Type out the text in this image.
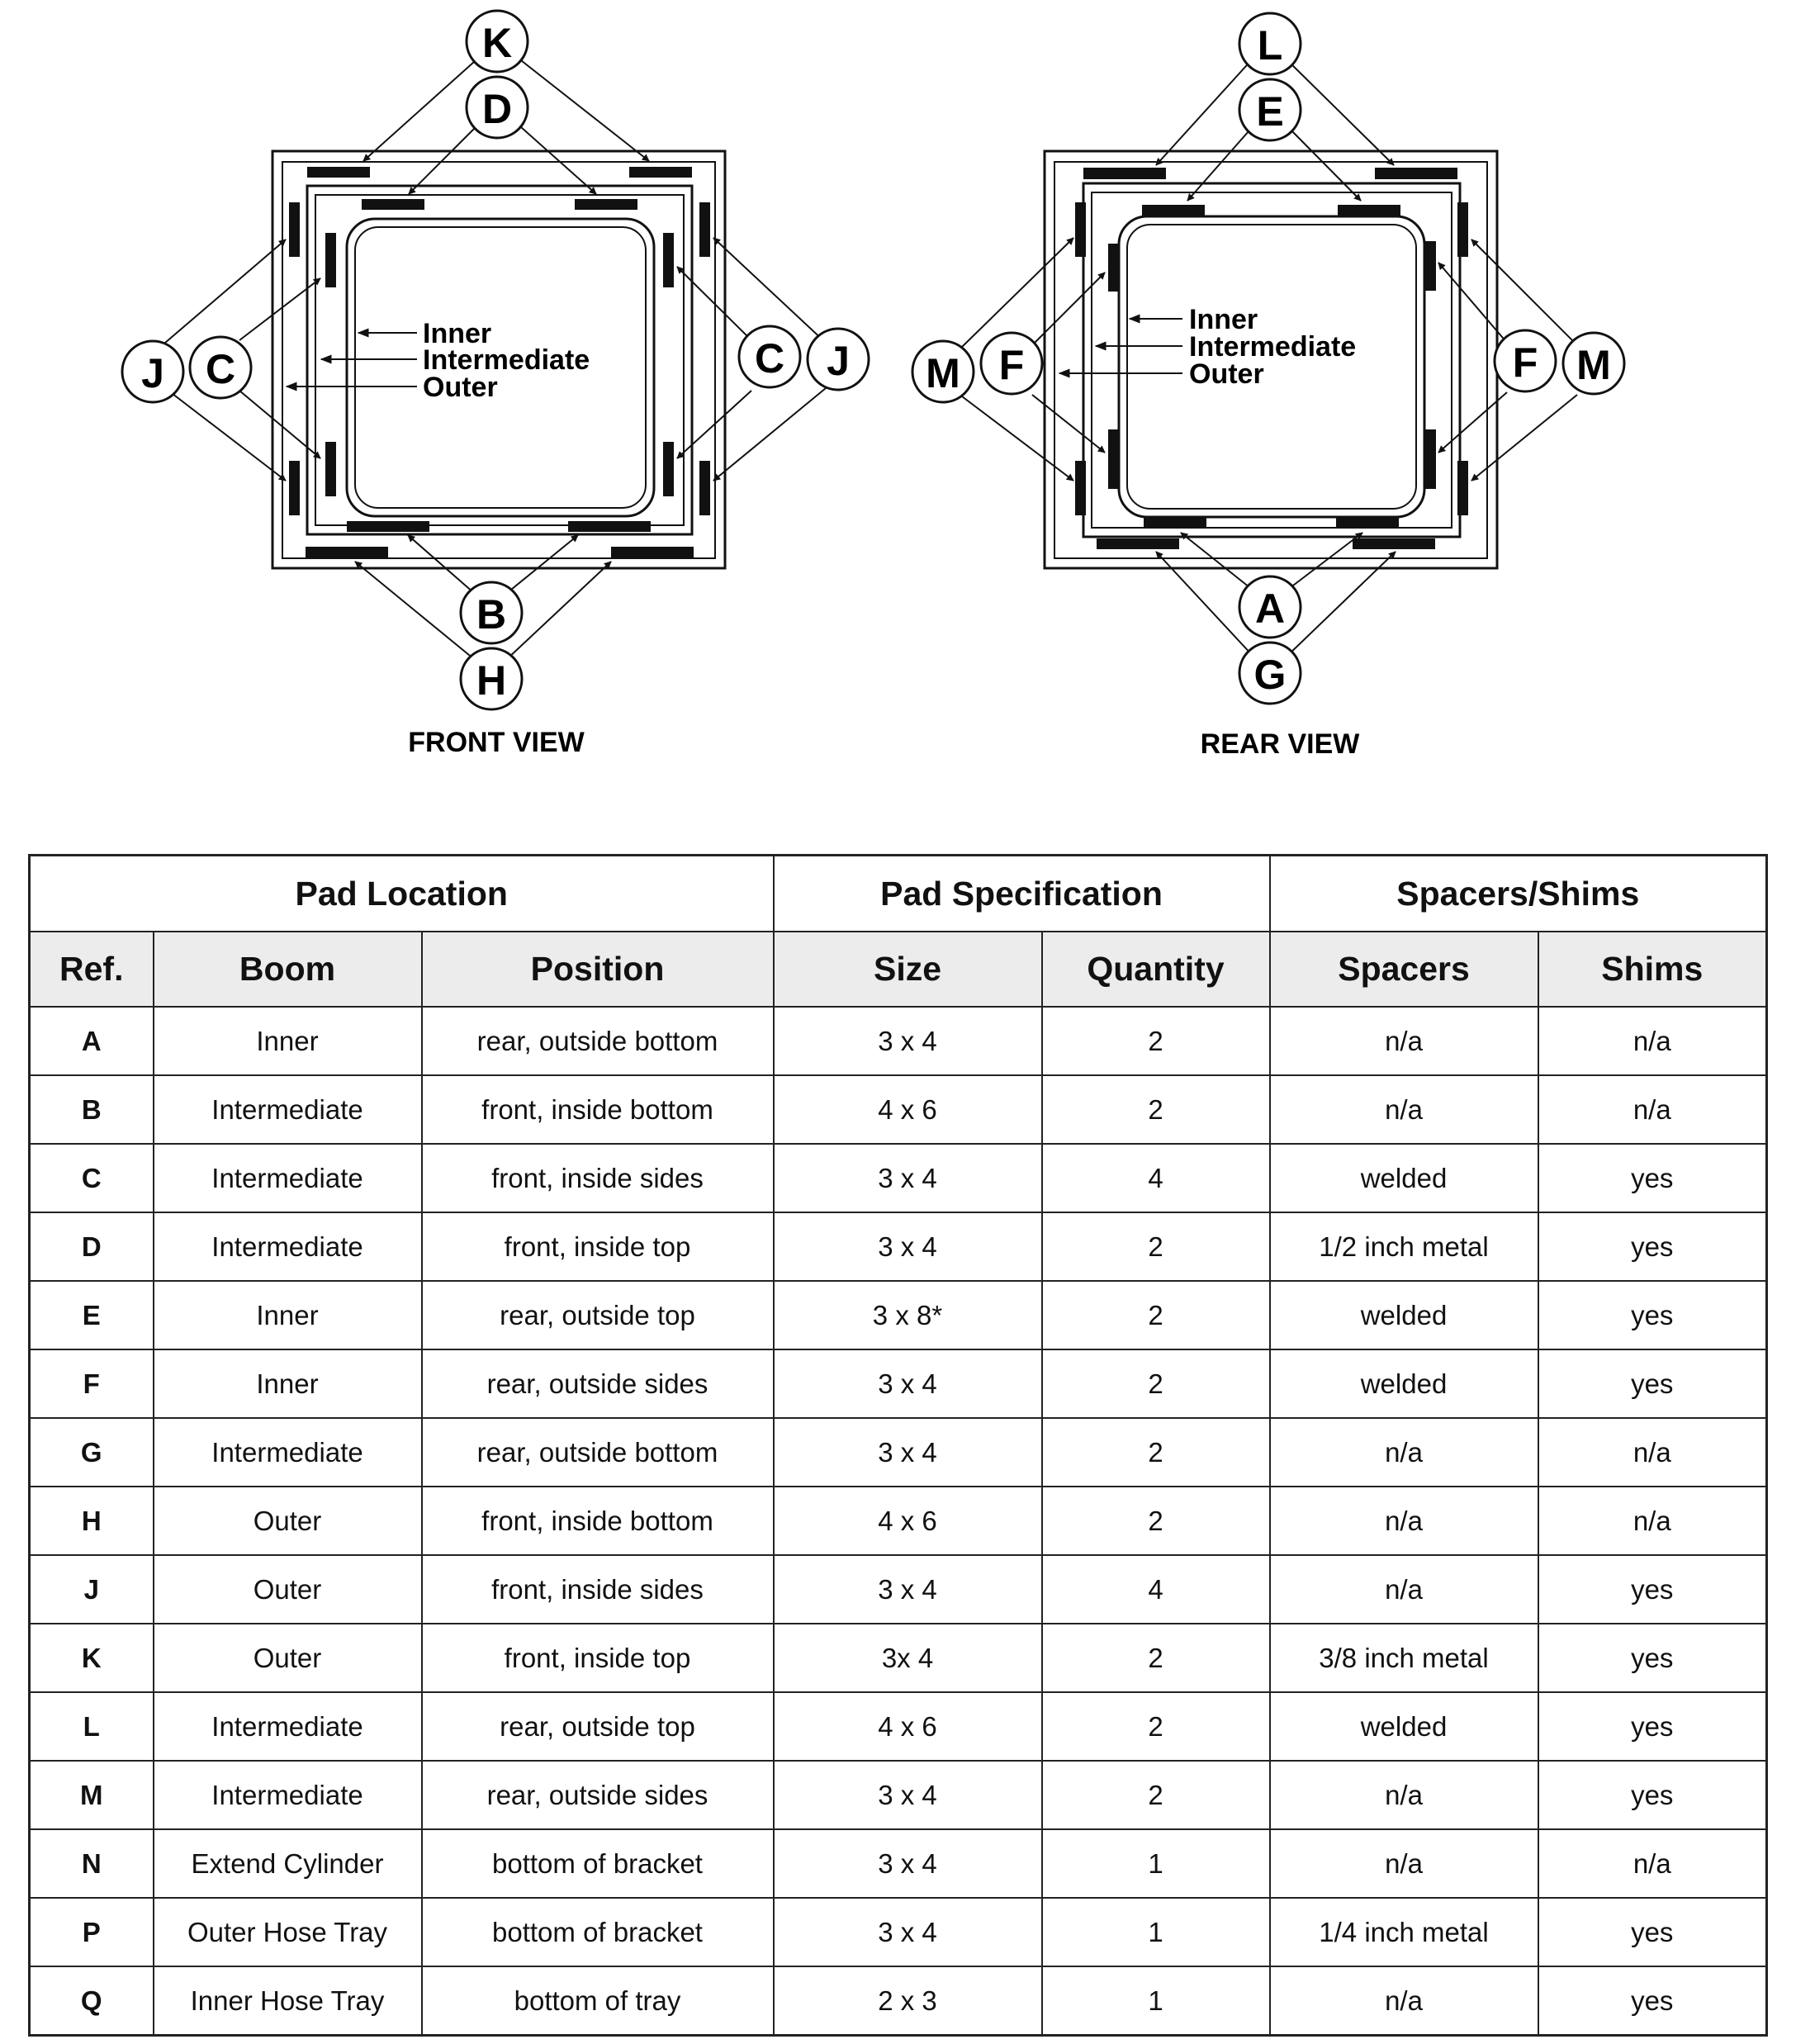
Inner
Intermediate
Outer
K
D
J C	C J
B
H
FRONT VIEW
Inner
Intermediate
Outer
L
E
M F	F M
A
G
REAR VIEW
Pad Location			Pad Specification		Spacers/Shims	
Ref.	Boom	Position	Size	Quantity	Spacers	Shims
A	Inner	rear, outside bottom	3 x 4	2	n/a	n/a
B	Intermediate	front, inside bottom	4 x 6	2	n/a	n/a
C	Intermediate	front, inside sides	3 x 4	4	welded	yes
D	Intermediate	front, inside top	3 x 4	2	1/2 inch metal	yes
E	Inner	rear, outside top	3 x 8*	2	welded	yes
F	Inner	rear, outside sides	3 x 4	2	welded	yes
G	Intermediate	rear, outside bottom	3 x 4	2	n/a	n/a
H	Outer	front, inside bottom	4 x 6	2	n/a	n/a
J	Outer	front, inside sides	3 x 4	4	n/a	yes
K	Outer	front, inside top	3x 4	2	3/8 inch metal	yes
L	Intermediate	rear, outside top	4 x 6	2	welded	yes
M	Intermediate	rear, outside sides	3 x 4	2	n/a	yes
N	Extend Cylinder	bottom of bracket	3 x 4	1	n/a	n/a
P	Outer Hose Tray	bottom of bracket	3 x 4	1	1/4 inch metal	yes
Q	Inner Hose Tray	bottom of tray	2 x 3	1	n/a	yes
